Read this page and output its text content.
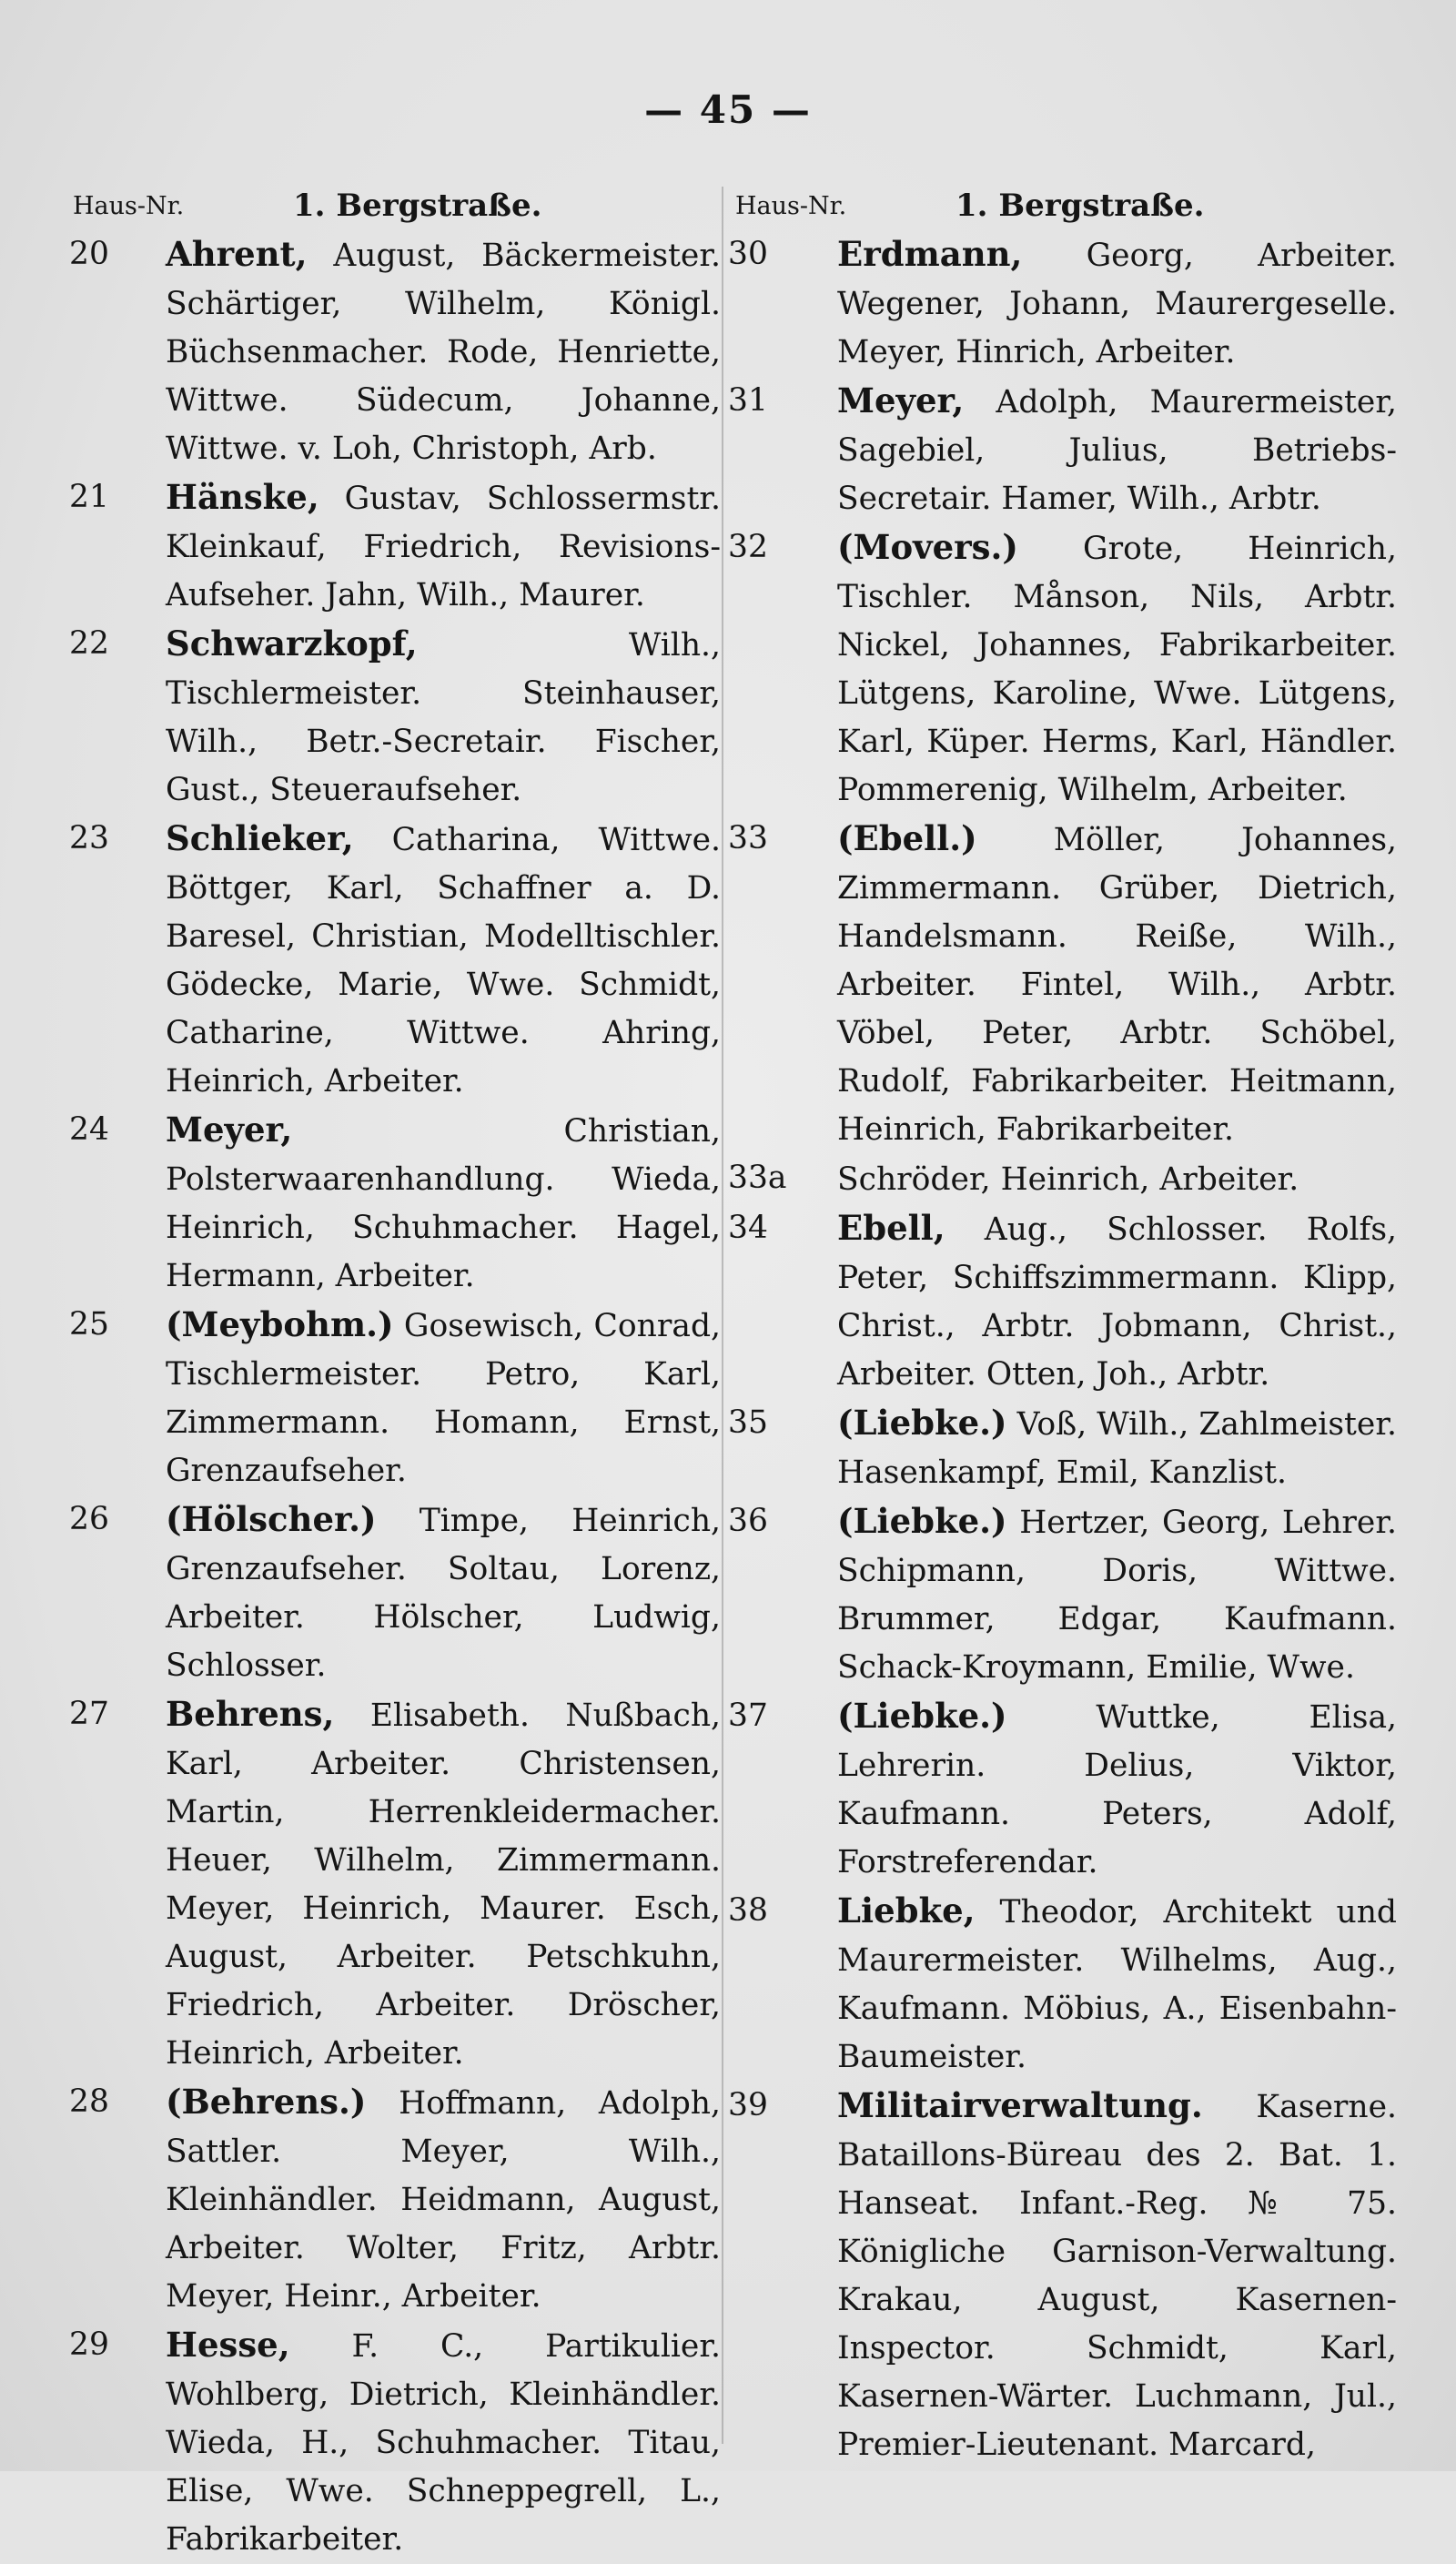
— 45 —
Haus-Nr.	1. Bergstraße.
20	Ahrent, August, Bäckermeister. Schärtiger, Wilhelm, Königl. Büchsenmacher. Rode, Henriette, Wittwe. Südecum, Johanne, Wittwe. v. Loh, Christoph, Arb.
21	Hänske, Gustav, Schlossermstr. Kleinkauf, Friedrich, Revisions-Aufseher. Jahn, Wilh., Maurer.
22	Schwarzkopf, Wilh., Tischlermeister. Steinhauser, Wilh., Betr.-Secretair. Fischer, Gust., Steueraufseher.
23	Schlieker, Catharina, Wittwe. Böttger, Karl, Schaffner a. D. Baresel, Christian, Modelltischler. Gödecke, Marie, Wwe. Schmidt, Catharine, Wittwe. Ahring, Heinrich, Arbeiter.
24	Meyer, Christian, Polsterwaarenhandlung. Wieda, Heinrich, Schuhmacher. Hagel, Hermann, Arbeiter.
25	(Meybohm.) Gosewisch, Conrad, Tischlermeister. Petro, Karl, Zimmermann. Homann, Ernst, Grenzaufseher.
26	(Hölscher.) Timpe, Heinrich, Grenzaufseher. Soltau, Lorenz, Arbeiter. Hölscher, Ludwig, Schlosser.
27	Behrens, Elisabeth. Nußbach, Karl, Arbeiter. Christensen, Martin, Herrenkleidermacher. Heuer, Wilhelm, Zimmermann. Meyer, Heinrich, Maurer. Esch, August, Arbeiter. Petschkuhn, Friedrich, Arbeiter. Dröscher, Heinrich, Arbeiter.
28	(Behrens.) Hoffmann, Adolph, Sattler. Meyer, Wilh., Kleinhändler. Heidmann, August, Arbeiter. Wolter, Fritz, Arbtr. Meyer, Heinr., Arbeiter.
29	Hesse, F. C., Partikulier. Wohlberg, Dietrich, Kleinhändler. Wieda, H., Schuhmacher. Titau, Elise, Wwe. Schneppegrell, L., Fabrikarbeiter.
Haus-Nr.	1. Bergstraße.
30	Erdmann, Georg, Arbeiter. Wegener, Johann, Maurergeselle. Meyer, Hinrich, Arbeiter.
31	Meyer, Adolph, Maurermeister, Sagebiel, Julius, Betriebs-Secretair. Hamer, Wilh., Arbtr.
32	(Movers.) Grote, Heinrich, Tischler. Månson, Nils, Arbtr. Nickel, Johannes, Fabrikarbeiter. Lütgens, Karoline, Wwe. Lütgens, Karl, Küper. Herms, Karl, Händler. Pommerenig, Wilhelm, Arbeiter.
33	(Ebell.) Möller, Johannes, Zimmermann. Grüber, Dietrich, Handelsmann. Reiße, Wilh., Arbeiter. Fintel, Wilh., Arbtr. Vöbel, Peter, Arbtr. Schöbel, Rudolf, Fabrikarbeiter. Heitmann, Heinrich, Fabrikarbeiter.
33a	Schröder, Heinrich, Arbeiter.
34	Ebell, Aug., Schlosser. Rolfs, Peter, Schiffszimmermann. Klipp, Christ., Arbtr. Jobmann, Christ., Arbeiter. Otten, Joh., Arbtr.
35	(Liebke.) Voß, Wilh., Zahlmeister. Hasenkampf, Emil, Kanzlist.
36	(Liebke.) Hertzer, Georg, Lehrer. Schipmann, Doris, Wittwe. Brummer, Edgar, Kaufmann. Schack-Kroymann, Emilie, Wwe.
37	(Liebke.) Wuttke, Elisa, Lehrerin. Delius, Viktor, Kaufmann. Peters, Adolf, Forstreferendar.
38	Liebke, Theodor, Architekt und Maurermeister. Wilhelms, Aug., Kaufmann. Möbius, A., Eisenbahn-Baumeister.
39	Militairverwaltung. Kaserne. Bataillons-Büreau des 2. Bat. 1. Hanseat. Infant.-Reg. № 75. Königliche Garnison-Verwaltung. Krakau, August, Kasernen-Inspector. Schmidt, Karl, Kasernen-Wärter. Luchmann, Jul., Premier-Lieutenant. Marcard,
